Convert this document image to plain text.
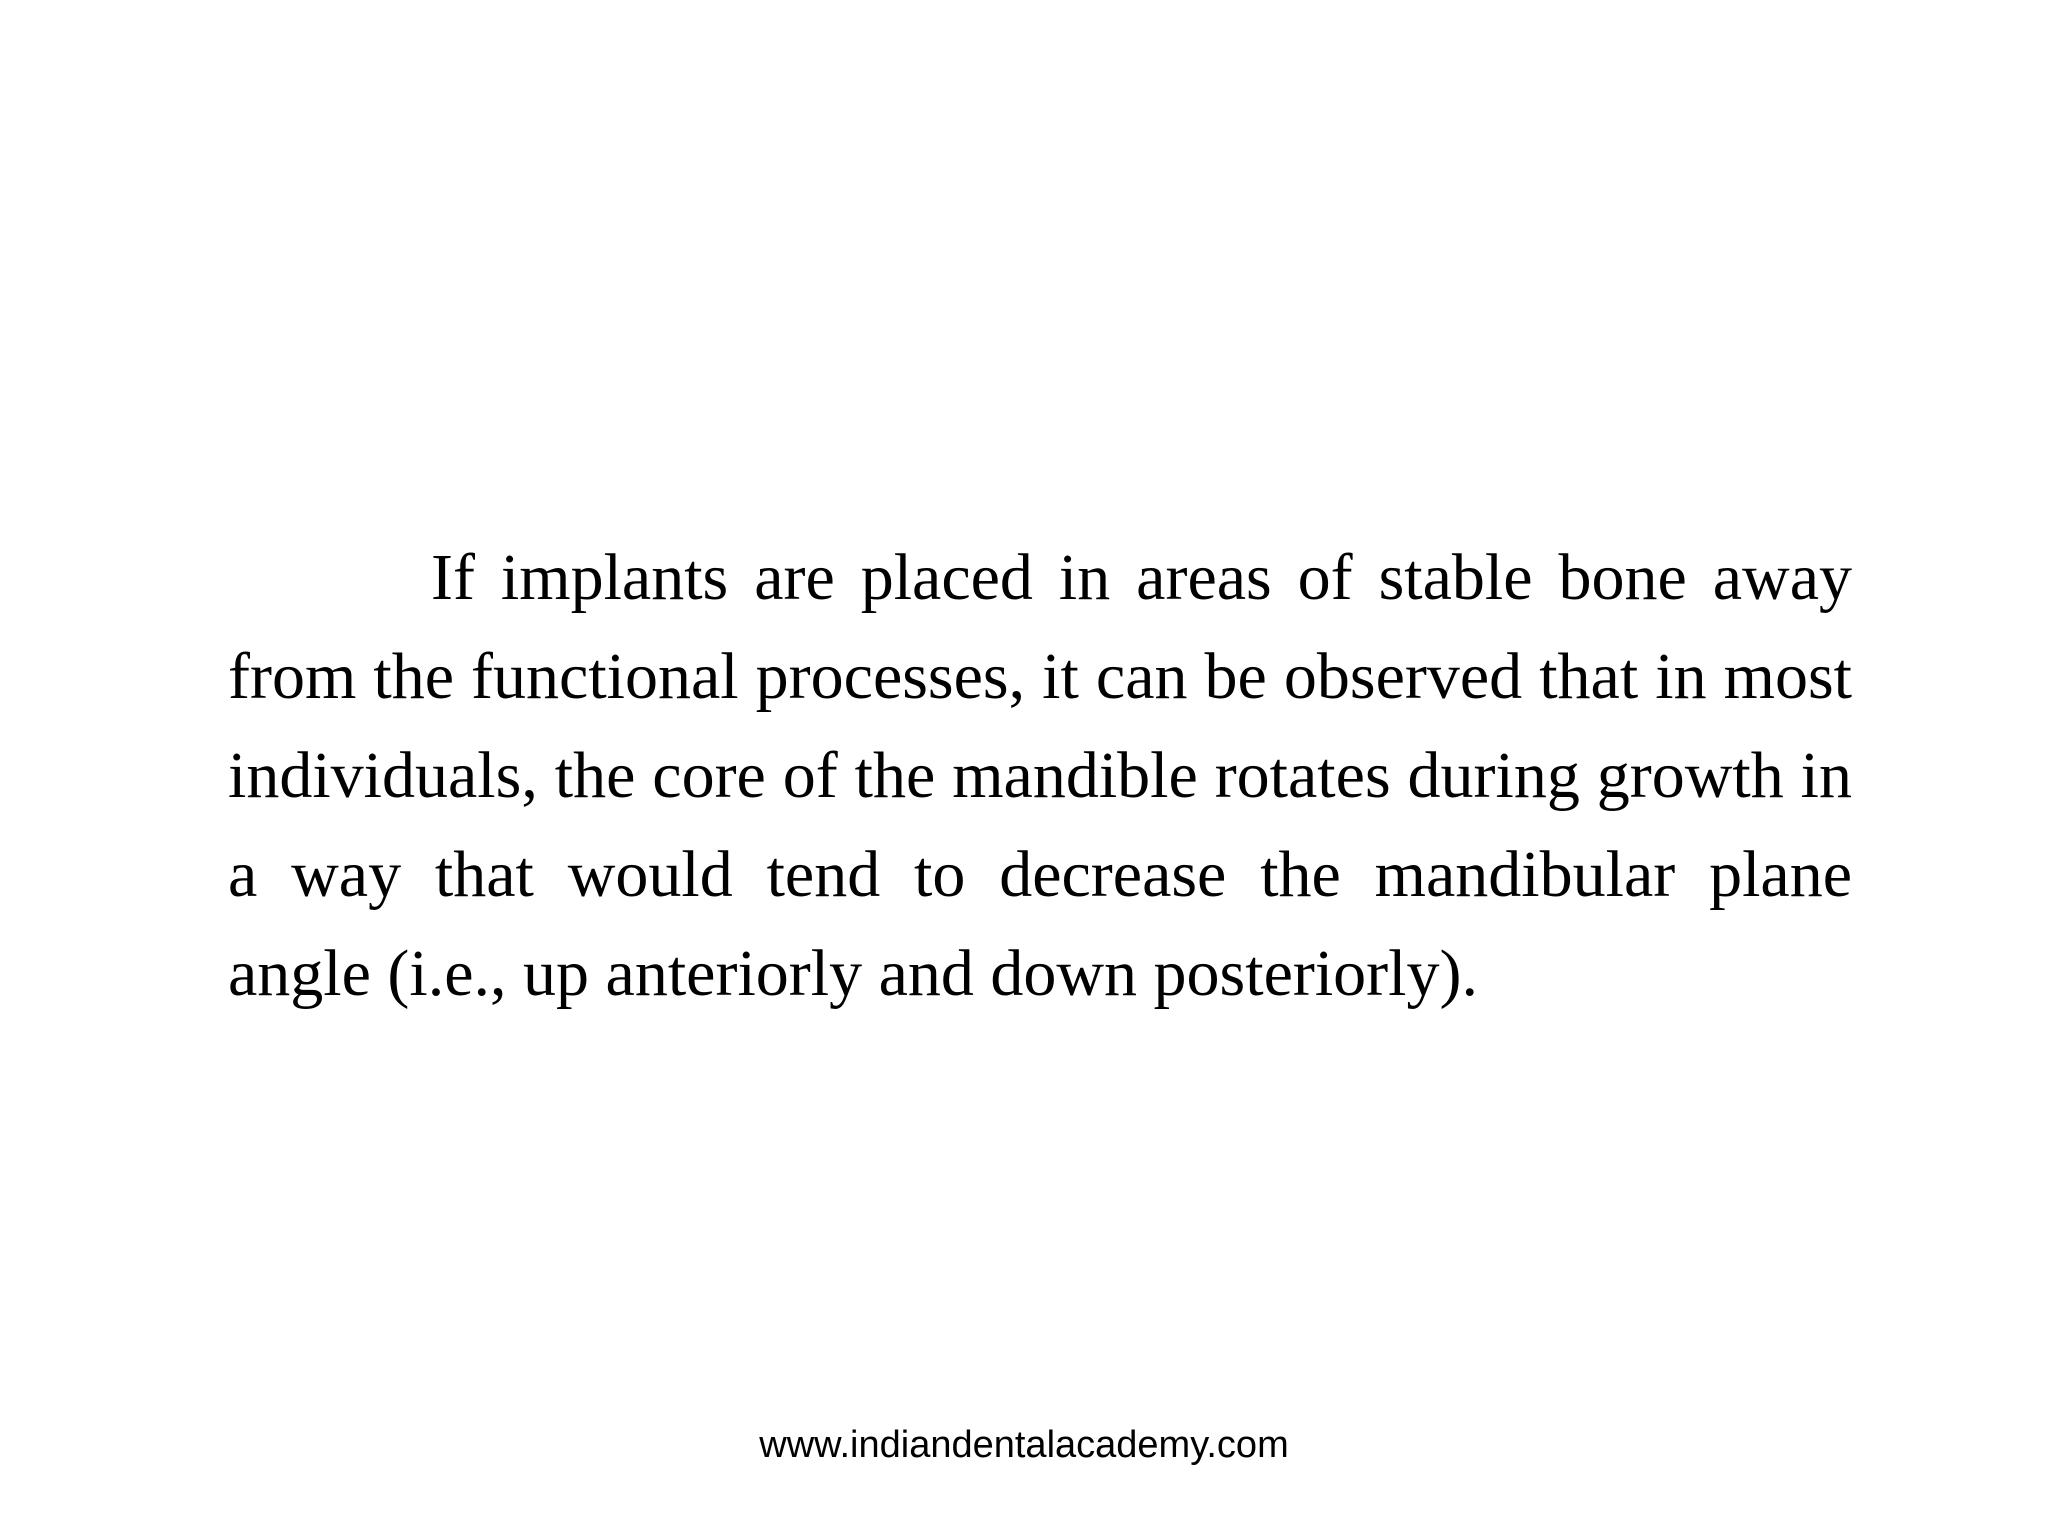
If implants are placed in areas of stable bone away from the functional processes, it can be observed that in most individuals, the core of the mandible rotates during growth in a way that would tend to decrease the mandibular plane angle (i.e., up anteriorly and down posteriorly).

www.indiandentalacademy.com
